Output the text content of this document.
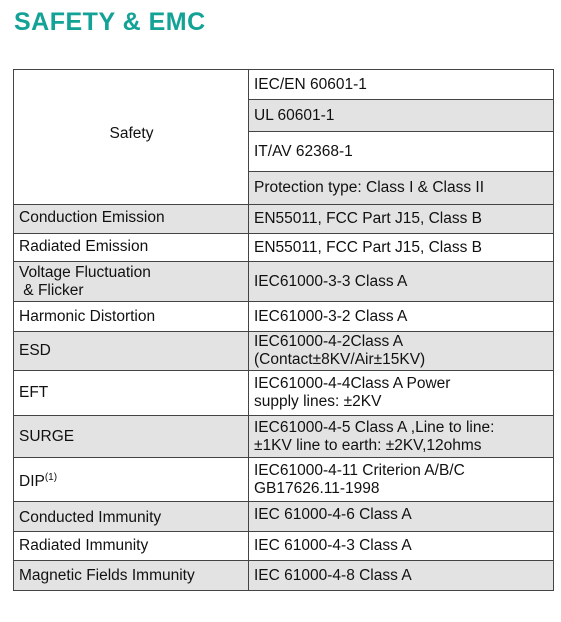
SAFETY & EMC
Safety	IEC/EN 60601-1
	UL 60601-1
	IT/AV 62368-1
	Protection type: Class I & Class II
Conduction Emission	EN55011, FCC Part J15, Class B
Radiated Emission	EN55011, FCC Part J15, Class B

Voltage Fluctuation
& Flicker	IEC61000-3-3 Class A
Harmonic Distortion	IEC61000-3-2 Class A
ESD	IEC61000-4-2Class A
(Contact±8KV/Air±15KV)

EFT	IEC61000-4-4Class A Power
supply lines: ±2KV

SURGE	IEC61000-4-5 Class A ,Line to line:
±1KV line to earth: ±2KV,12ohms

DIP$^{(1)}$	IEC61000-4-11 Criterion A/B/C
GB17626.11-1998

Conducted Immunity	IEC 61000-4-6 Class A
Radiated Immunity	IEC 61000-4-3 Class A
Magnetic Fields Immunity	IEC 61000-4-8 Class A
